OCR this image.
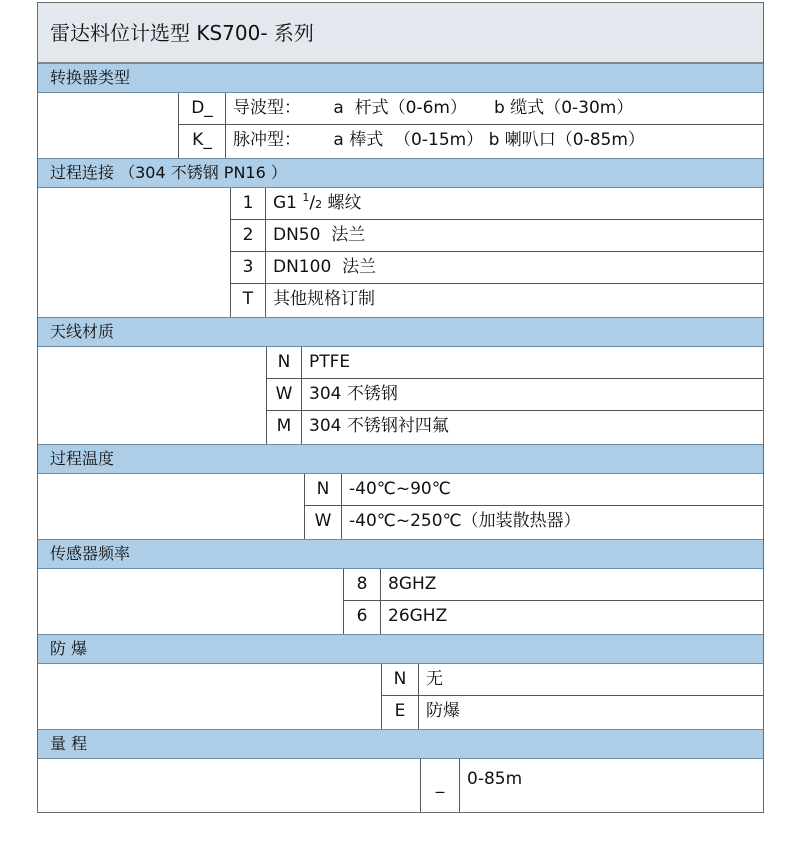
雷达料位计选型 KS700- 系列
转换器类型
D_	导波型：      a  杆式（0-6m）     b 缆式（0-30m）
K_	脉冲型：      a 棒式  （0-15m） b 喇叭口（0-85m）
过程连接 （304 不锈钢 PN16 ）
1	G1 $^1$/2 螺纹
2	DN50  法兰
3	DN100  法兰
T	其他规格订制
天线材质
N	PTFE
W 304 不锈钢
M	304 不锈钢衬四氟
过程温度
N	-40℃~90℃
W	-40℃~250℃（加装散热器）
传感器频率
8	8GHZ
6	26GHZ
防 爆
N	无
E	防爆
量 程
_	0-85m
